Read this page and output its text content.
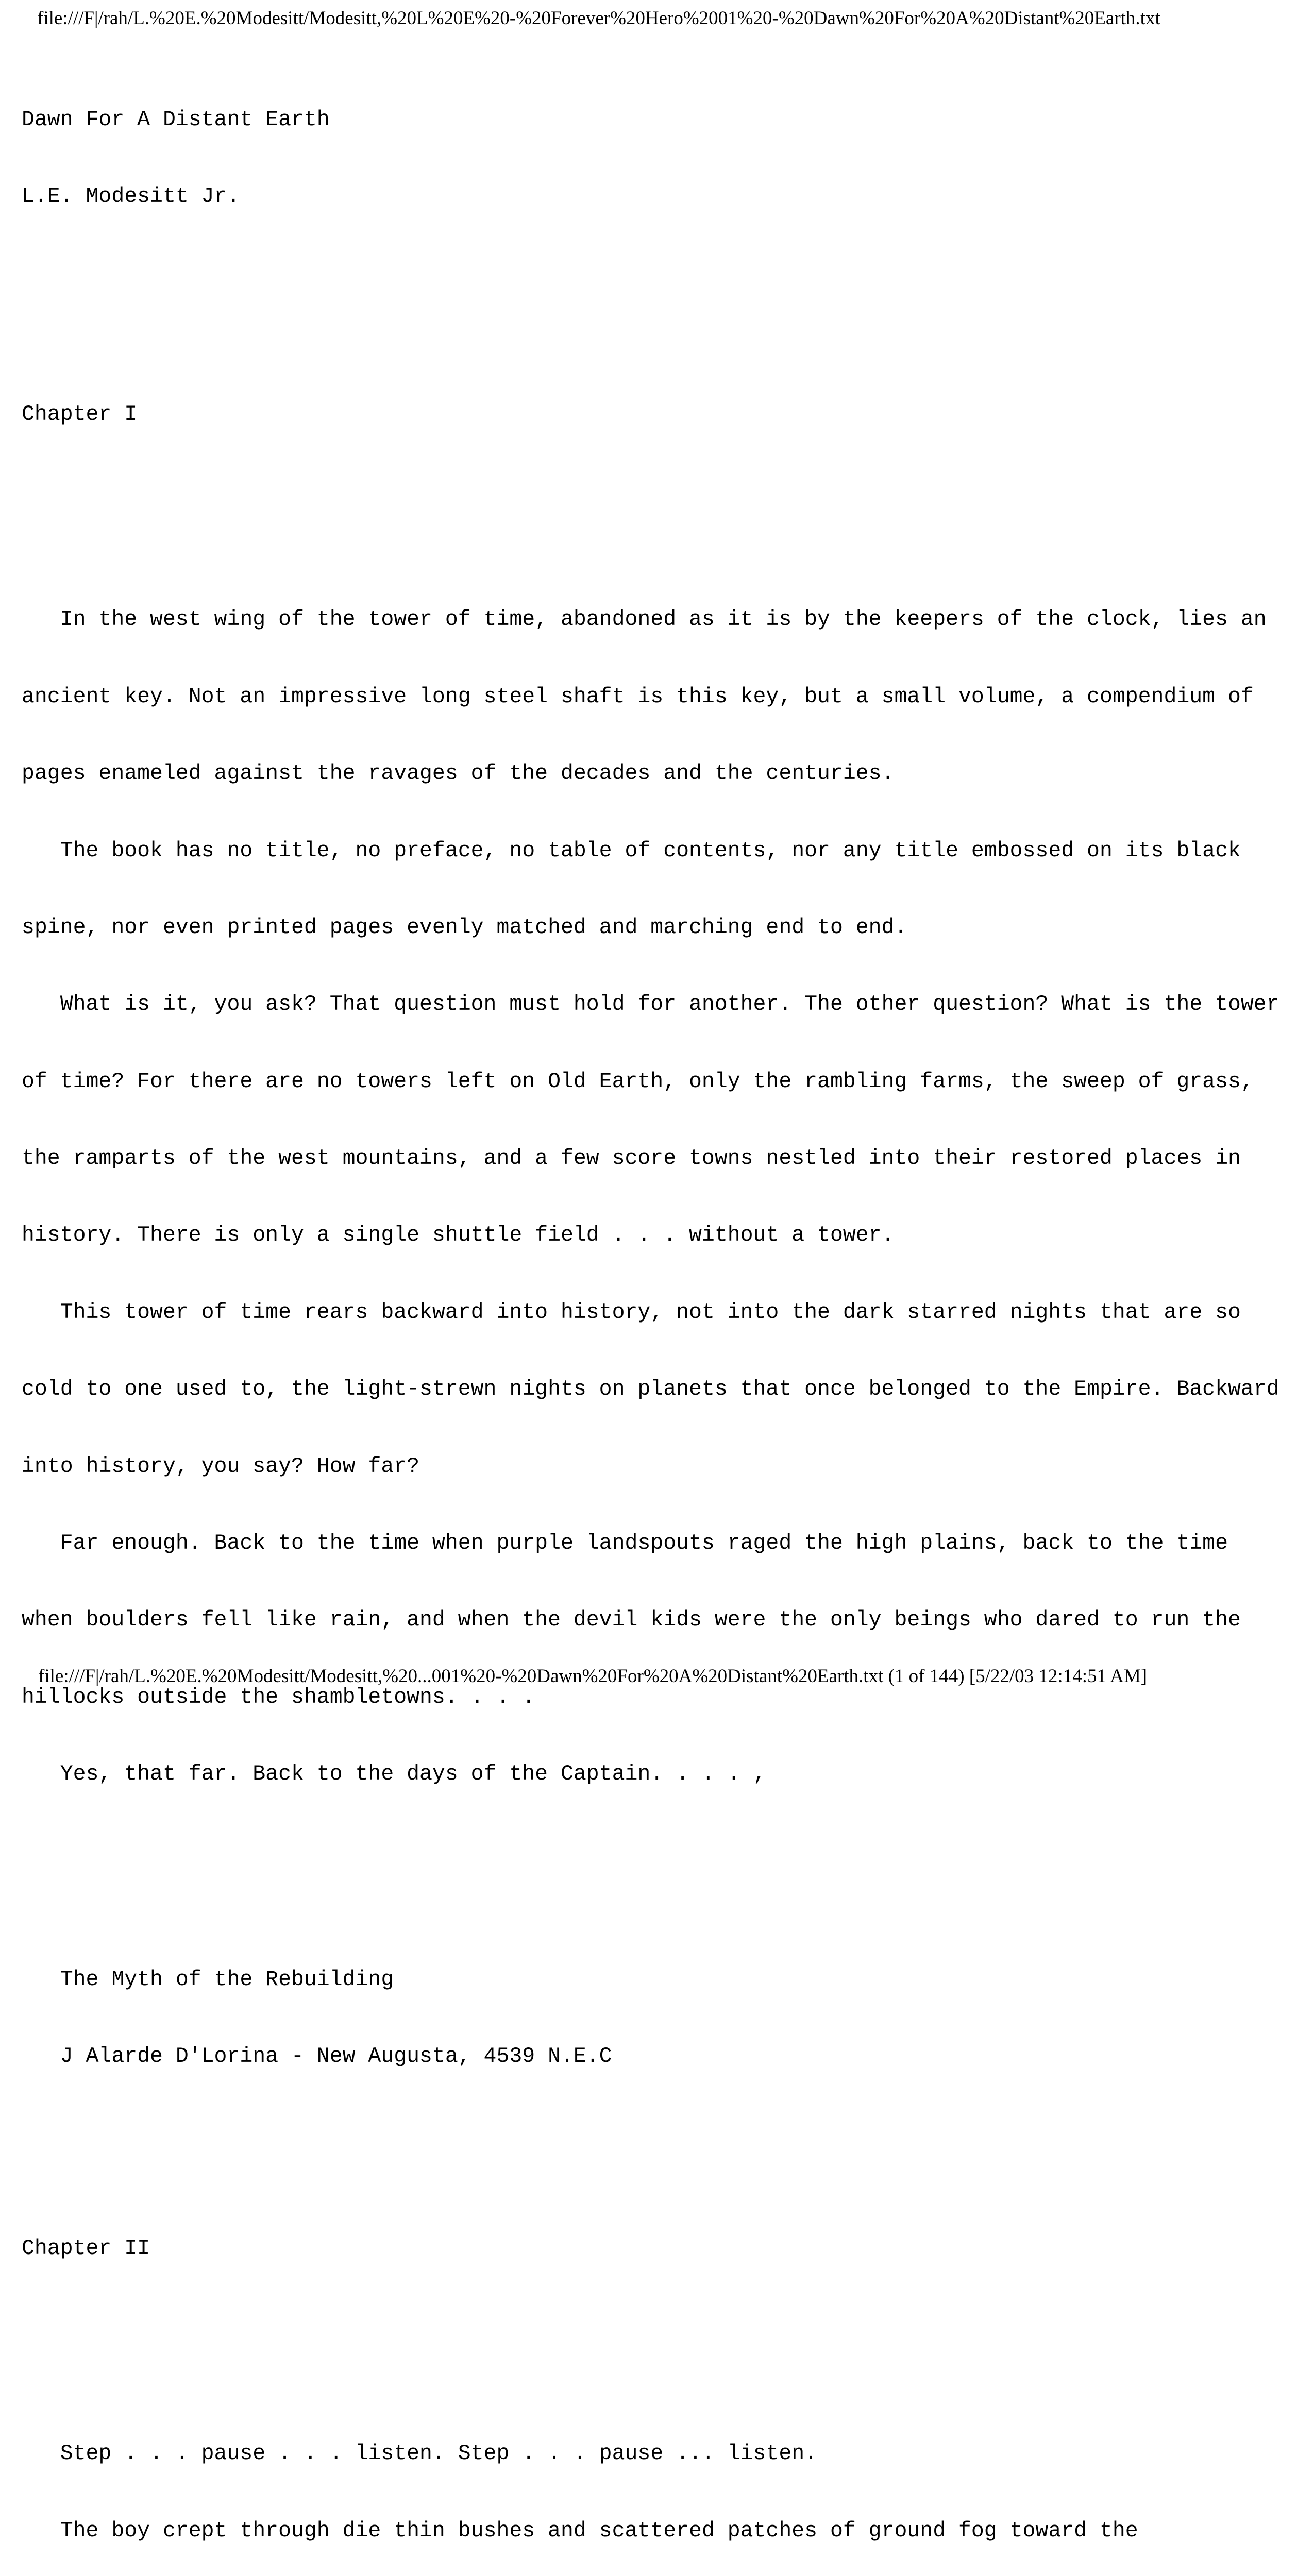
file:///F|/rah/L.%20E.%20Modesitt/Modesitt,%20L%20E%20-%20Forever%20Hero%2001%20-%20Dawn%20For%20A%20Distant%20Earth.txt

Dawn For A Distant Earth

L.E. Modesitt Jr.

Chapter I

In the west wing of the tower of time, abandoned as it is by the keepers of the clock, lies an

ancient key. Not an impressive long steel shaft is this key, but a small volume, a compendium of

pages enameled against the ravages of the decades and the centuries.

The book has no title, no preface, no table of contents, nor any title embossed on its black

spine, nor even printed pages evenly matched and marching end to end.

What is it, you ask? That question must hold for another. The other question? What is the tower

of time? For there are no towers left on Old Earth, only the rambling farms, the sweep of grass,

the ramparts of the west mountains, and a few score towns nestled into their restored places in

history. There is only a single shuttle field . . . without a tower.

This tower of time rears backward into history, not into the dark starred nights that are so

cold to one used to, the light-strewn nights on planets that once belonged to the Empire. Backward

into history, you say? How far?

Far enough. Back to the time when purple landspouts raged the high plains, back to the time

when boulders fell like rain, and when the devil kids were the only beings who dared to run the

hillocks outside the shambletowns. . . .

Yes, that far. Back to the days of the Captain. . . . ,

The Myth of the Rebuilding

J Alarde D'Lorina - New Augusta, 4539 N.E.C

Chapter II

Step . . . pause . . . listen. Step . . . pause ... listen.

The boy crept through die thin bushes and scattered patches of ground fog toward the

file:///F|/rah/L.%20E.%20Modesitt/Modesitt,%20...001%20-%20Dawn%20For%20A%20Distant%20Earth.txt (1 of 144) [5/22/03 12:14:51 AM]
